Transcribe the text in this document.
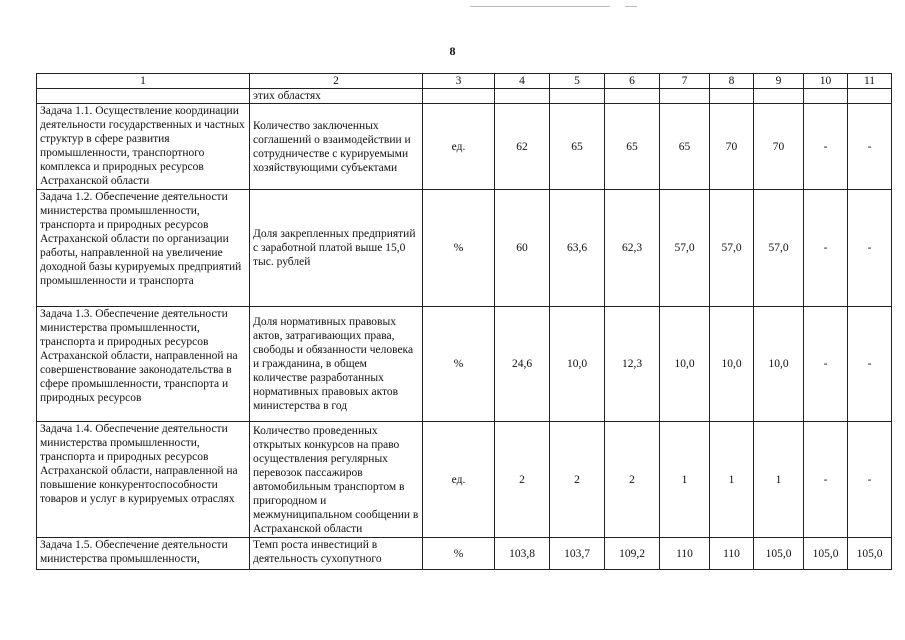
8
1	2	3	4	5	6	7	8	9	10	11
	этих областях									
Задача 1.1. Осуществление координации деятельности государственных и частных структур в сфере развития промышленности, транспортного комплекса и природных ресурсов Астраханской области	Количество заключенных соглашений о взаимодействии и сотрудничестве с курируемыми хозяйствующими субъектами	ед.	62	65	65	65	70	70	-	-
Задача 1.2. Обеспечение деятельности министерства промышленности, транспорта и природных ресурсов Астраханской области по организации работы, направленной на увеличение доходной базы курируемых предприятий промышленности и транспорта	Доля закрепленных предприятий с заработной платой выше 15,0 тыс. рублей	%	60	63,6	62,3	57,0	57,0	57,0	-	-
Задача 1.3. Обеспечение деятельности министерства промышленности, транспорта и природных ресурсов Астраханской области, направленной на совершенствование законодательства в сфере промышленности, транспорта и природных ресурсов	Доля нормативных правовых актов, затрагивающих права, свободы и обязанности человека и гражданина, в общем количестве разработанных нормативных правовых актов министерства в год	%	24,6	10,0	12,3	10,0	10,0	10,0	-	-
Задача 1.4. Обеспечение деятельности министерства промышленности, транспорта и природных ресурсов Астраханской области, направленной на повышение конкурентоспособности товаров и услуг в курируемых отраслях	Количество проведенных открытых конкурсов на право осуществления регулярных перевозок пассажиров автомобильным транспортом в пригородном и межмуниципальном сообщении в Астраханской области	ед.	2	2	2	1	1	1	-	-
Задача 1.5. Обеспечение деятельности министерства промышленности,	Темп роста инвестиций в деятельность сухопутного	%	103,8	103,7	109,2	110	110	105,0	105,0	105,0
